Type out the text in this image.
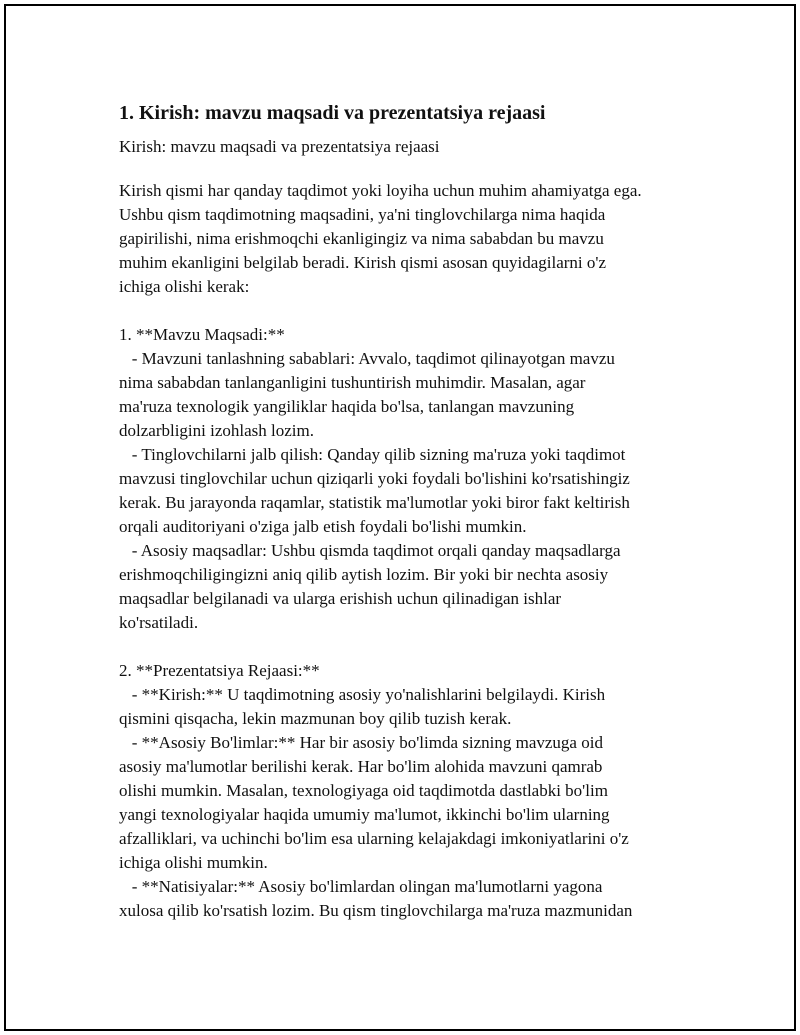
1. Kirish: mavzu maqsadi va prezentatsiya rejaasi

Kirish: mavzu maqsadi va prezentatsiya rejaasi

Kirish qismi har qanday taqdimot yoki loyiha uchun muhim ahamiyatga ega.
Ushbu qism taqdimotning maqsadini, ya'ni tinglovchilarga nima haqida
gapirilishi, nima erishmoqchi ekanligingiz va nima sababdan bu mavzu
muhim ekanligini belgilab beradi. Kirish qismi asosan quyidagilarni o'z
ichiga olishi kerak:

1. **Mavzu Maqsadi:**
- Mavzuni tanlashning sabablari: Avvalo, taqdimot qilinayotgan mavzu
nima sababdan tanlanganligini tushuntirish muhimdir. Masalan, agar
ma'ruza texnologik yangiliklar haqida bo'lsa, tanlangan mavzuning
dolzarbligini izohlash lozim.
- Tinglovchilarni jalb qilish: Qanday qilib sizning ma'ruza yoki taqdimot
mavzusi tinglovchilar uchun qiziqarli yoki foydali bo'lishini ko'rsatishingiz
kerak. Bu jarayonda raqamlar, statistik ma'lumotlar yoki biror fakt keltirish
orqali auditoriyani o'ziga jalb etish foydali bo'lishi mumkin.
- Asosiy maqsadlar: Ushbu qismda taqdimot orqali qanday maqsadlarga
erishmoqchiligingizni aniq qilib aytish lozim. Bir yoki bir nechta asosiy
maqsadlar belgilanadi va ularga erishish uchun qilinadigan ishlar
ko'rsatiladi.

2. **Prezentatsiya Rejaasi:**
- **Kirish:** U taqdimotning asosiy yo'nalishlarini belgilaydi. Kirish
qismini qisqacha, lekin mazmunan boy qilib tuzish kerak.
- **Asosiy Bo'limlar:** Har bir asosiy bo'limda sizning mavzuga oid
asosiy ma'lumotlar berilishi kerak. Har bo'lim alohida mavzuni qamrab
olishi mumkin. Masalan, texnologiyaga oid taqdimotda dastlabki bo'lim
yangi texnologiyalar haqida umumiy ma'lumot, ikkinchi bo'lim ularning
afzalliklari, va uchinchi bo'lim esa ularning kelajakdagi imkoniyatlarini o'z
ichiga olishi mumkin.
- **Natisiyalar:** Asosiy bo'limlardan olingan ma'lumotlarni yagona
xulosa qilib ko'rsatish lozim. Bu qism tinglovchilarga ma'ruza mazmunidan
